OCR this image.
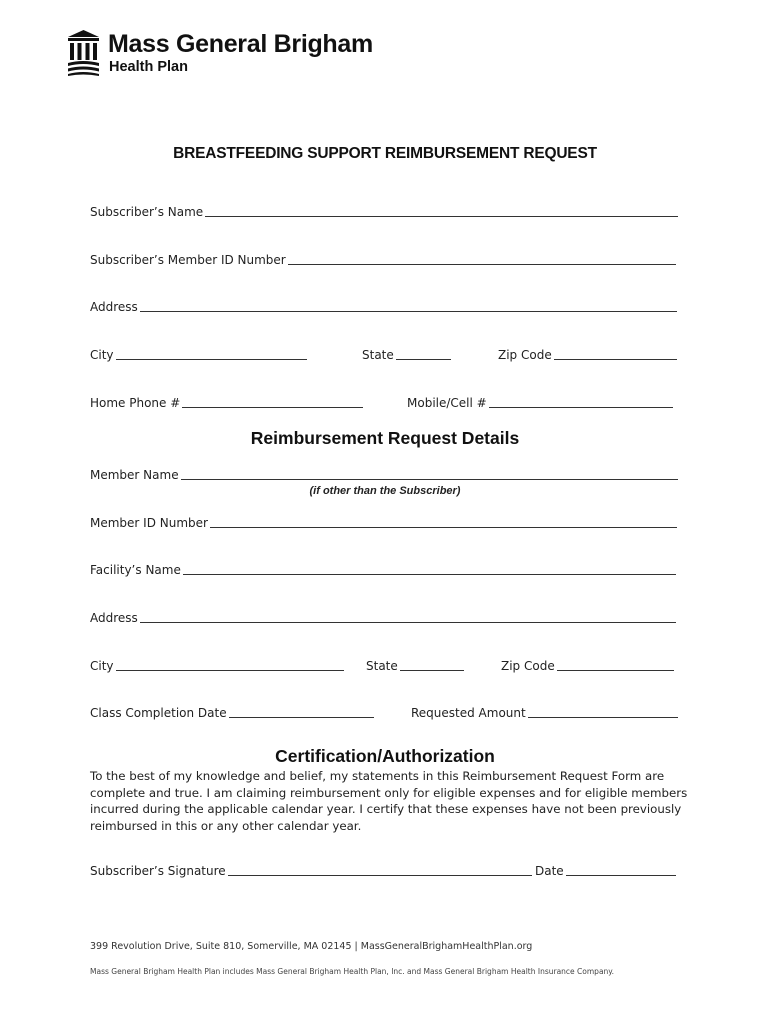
Mass General Brigham
Health Plan
BREASTFEEDING SUPPORT REIMBURSEMENT REQUEST
Subscriber’s Name
Subscriber’s Member ID Number
Address
City	State	Zip Code
Home Phone #	Mobile/Cell #
Reimbursement Request Details
Member Name
(if other than the Subscriber)
Member ID Number
Facility’s Name
Address
City	State	Zip Code
Class Completion Date	Requested Amount
Certification/Authorization
To the best of my knowledge and belief, my statements in this Reimbursement Request Form are complete and true. I am claiming reimbursement only for eligible expenses and for eligible members incurred during the applicable calendar year. I certify that these expenses have not been previously reimbursed in this or any other calendar year.
Subscriber’s Signature	Date
399 Revolution Drive, Suite 810, Somerville, MA 02145 | MassGeneralBrighamHealthPlan.org
Mass General Brigham Health Plan includes Mass General Brigham Health Plan, Inc. and Mass General Brigham Health Insurance Company.
